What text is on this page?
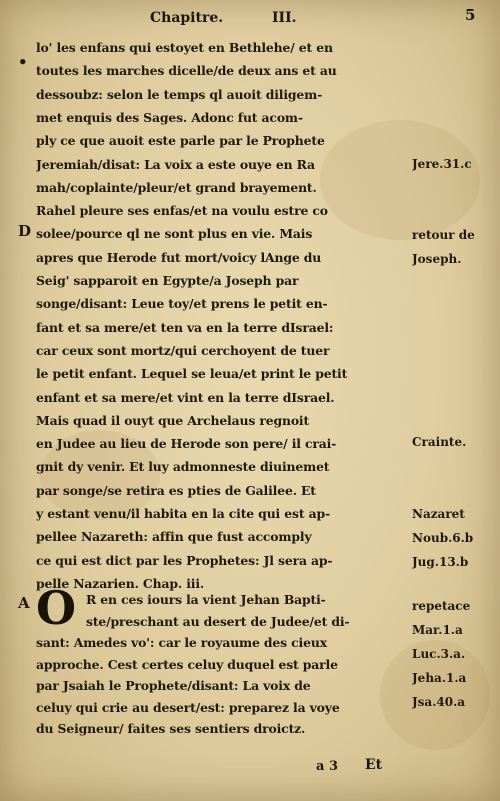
Chapitre.	III.	5
•
D
A O
Jere.31.c
retour de
Joseph.
Crainte.
Nazaret
Noub.6.b
Jug.13.b
repetace
Mar.1.a
Luc.3.a.
Jeha.1.a
Jsa.40.a
a 3 Et
lo' les enfans qui estoyet en Bethlehe/ et en
toutes les marches dicelle/de deux ans et au
dessoubz: selon le temps ql auoit diligem-
met enquis des Sages. Adonc fut acom-
ply ce que auoit este parle par le Prophete
Jeremiah/disat: La voix a este ouye en Ra
mah/coplainte/pleur/et grand brayement.
Rahel pleure ses enfas/et na voulu estre co
solee/pource ql ne sont plus en vie. Mais
apres que Herode fut mort/voicy lAnge du
Seig' sapparoit en Egypte/a Joseph par
songe/disant: Leue toy/et prens le petit en-
fant et sa mere/et ten va en la terre dIsrael:
car ceux sont mortz/qui cerchoyent de tuer
le petit enfant. Lequel se leua/et print le petit
enfant et sa mere/et vint en la terre dIsrael.
Mais quad il ouyt que Archelaus regnoit
en Judee au lieu de Herode son pere/ il crai-
gnit dy venir. Et luy admonneste diuinemet
par songe/se retira es pties de Galilee. Et
y estant venu/il habita en la cite qui est ap-
pellee Nazareth: affin que fust accomply
ce qui est dict par les Prophetes: Jl sera ap-
pelle Nazarien. Chap. iii.
R en ces iours la vient Jehan Bapti-
ste/preschant au desert de Judee/et di-
sant: Amedes vo': car le royaume des cieux
approche. Cest certes celuy duquel est parle
par Jsaiah le Prophete/disant: La voix de
celuy qui crie au desert/est: preparez la voye
du Seigneur/ faites ses sentiers droictz.
